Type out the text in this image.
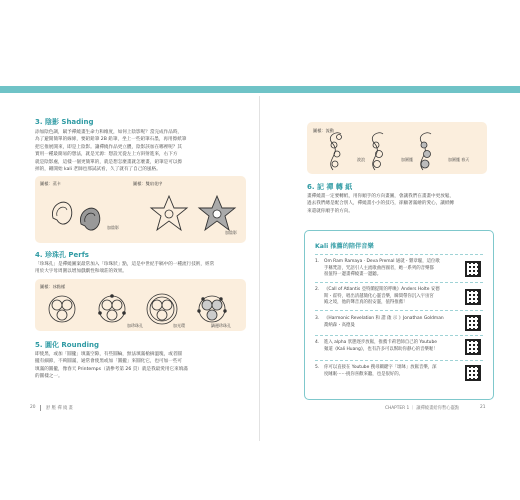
3. 陰影 Shading
添加陰色調，賦予禪繞畫生命力和維度，如何上陰影呢？當完成作品時，
為了避開簡單的線條，要鉛鉛筆 2B 鉛筆，坐上一些鉛筆石墨，再用擦紙筆
把它推展開來，即是上陰影。讓禪繞作品更立體，陰影該加在哪裡呢？其
實用一種最簡易的想法，就是光源：想設光從左上方斜射進來，右下方
就是陰影處，這樣一個更簡單的，就是想怎麼畫就怎麼畫，鉛筆是可以擦
掉的，剛開始 kali 老師也那試試看，久了就有了自己的風格。
圖樣：蒸卡	圖樣：雙扇花序
加陰影
加陰影
4. 珍珠孔 Perfs
「珍珠孔」是禪繞圖案最常加入「珍珠狀」點，這是中世紀手稿中的一種流行技術，經常
用於大字母周圍以增加戲劇性和端莊的效果。
圖樣：冰點樣
加珍珠孔	加光環	鍋邊珍珠孔
5. 圓化 Rounding
即使黑，或加「圓攏」填滿空隙，有些圓輪，無法填滿槍摘溫塊，或者圓
攏有細節，不夠圓滿，通常會使黑或加「圓攏」來圓化它，也可加一些可
填滿的圓攏，像春天 Printemps（請參考第 26 頁）就是我最愛用它來填滿
的圓樣之一。
20 舒 壓 禪 繞 畫
圖樣：流動
波浪	加圓攏	加圓攏 春天
6. 記 禪 轉 紙
畫禪繞畫一定要轉紙，用你順手的方向畫圖，會讓我們在畫畫中更放鬆，
過去我們總是配合別人，禪繞畫小小的技巧，卻顧著滿繪的愛心，讓紙轉
來還就你順手的方向。
Kali 推薦的陪伴音樂
1. Om Ram Ramaya · Deva Premal 通就・雜章騷，這位歌
手稱梵語，咒語引人主流歌曲西國者，她一系列的音樂都
很值得一邊畫禪繞畫一邊聽。
2. 《Call of Atlantis 亞特蘭提斯的呼喚》Anders Holte 安德
斯・霍特，唱出清越簡化心靈音樂，瞬間帶你沉入宇宙宮
殿之境，他的聲音真的很安靈，值得推薦！
3. 《Harmonic Revelation 和 諧 啟 示 》Jonathan Goldman
喬納森・高德曼
4. 進入 alpha 狀態逐步放鬆，推薦卡莉老師自己的 Youtube
頻道《Kali Huang》，也有許多可以幫助你靜心的音樂喔！
5. 你可以直接在 Youtube 搜尋關鍵字「頌缽」放鬆音樂，深
度睡眠⋯⋯挑你喜歡來聽，也是很好的。
CHAPTER 1 ｜ 讓禪繞畫給你暫心靈點	21
